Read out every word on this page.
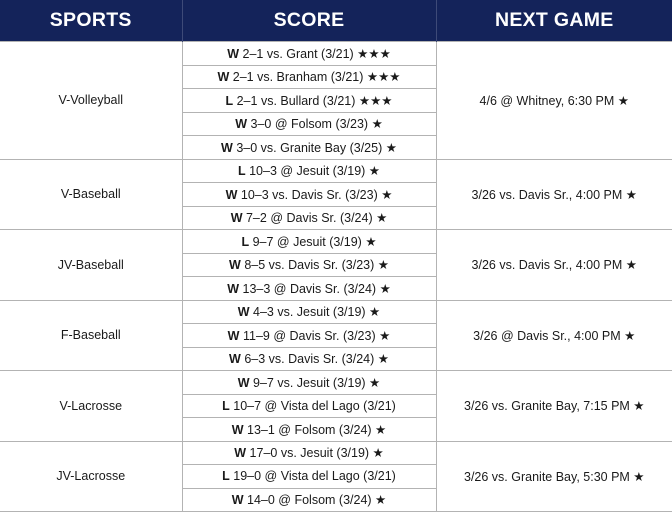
SPORTS	SCORE	NEXT GAME
V-Volleyball	W 2–1 vs. Grant (3/21) ★★★	4/6 @ Whitney, 6:30 PM ★
	W 2–1 vs. Branham (3/21) ★★★	
	L 2–1 vs. Bullard (3/21) ★★★	
	W 3–0 @ Folsom (3/23) ★	
	W 3–0 vs. Granite Bay (3/25) ★	
V-Baseball	L 10–3 @ Jesuit (3/19) ★	3/26 vs. Davis Sr., 4:00 PM ★
	W 10–3 vs. Davis Sr. (3/23) ★	
	W 7–2 @ Davis Sr. (3/24) ★	
JV-Baseball	L 9–7 @ Jesuit (3/19) ★	3/26 vs. Davis Sr., 4:00 PM ★
	W 8–5 vs. Davis Sr. (3/23) ★	
	W 13–3 @ Davis Sr. (3/24) ★	
F-Baseball	W 4–3 vs. Jesuit (3/19) ★	3/26 @ Davis Sr., 4:00 PM ★
	W 11–9 @ Davis Sr. (3/23) ★	
	W 6–3 vs. Davis Sr. (3/24) ★	
V-Lacrosse	W 9–7 vs. Jesuit (3/19) ★	3/26 vs. Granite Bay, 7:15 PM ★
	L 10–7 @ Vista del Lago (3/21)	
	W 13–1 @ Folsom (3/24) ★	
JV-Lacrosse	W 17–0 vs. Jesuit (3/19) ★	3/26 vs. Granite Bay, 5:30 PM ★
	L 19–0 @ Vista del Lago (3/21)	
	W 14–0 @ Folsom (3/24) ★	
